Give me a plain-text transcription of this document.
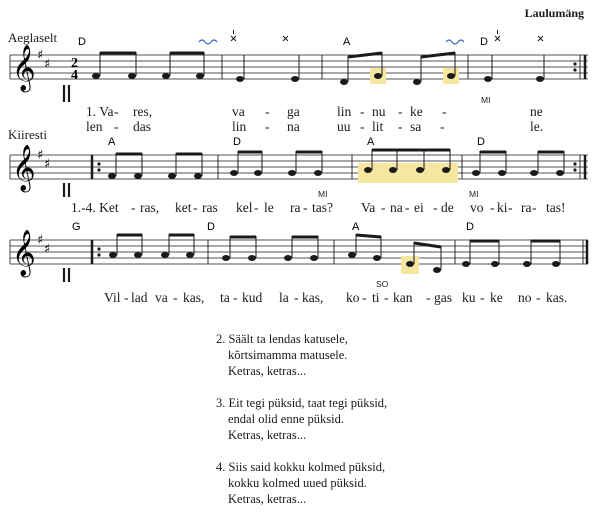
Laulumäng
Aeglaselt
𝄞 ♯
♯ 2
4
D	A	D
MI
1. Va - res,	va - ga	lin - nu - ke -	ne
len - das	lin - na	uu - lit - sa -	le.
Kiiresti
𝄞 ♯
♯
A	D	A	D
MI	MI
1.-4. Ket - ras, ket - ras kel - le ra - tas? Va - na - ei - de vo - ki - ra - tas!
𝄞 ♯
♯
G	D	A	D
SO
Vil - lad va - kas, ta - kud la - kas, ko - ti - kan - gas ku - ke no - kas.
2. Säält ta lendas katusele,
kõrtsimamma matusele.
Ketras, ketras...
3. Eit tegi püksid, taat tegi püksid,
endal olid enne püksid.
Ketras, ketras...
4. Siis said kokku kolmed püksid,
kokku kolmed uued püksid.
Ketras, ketras...
